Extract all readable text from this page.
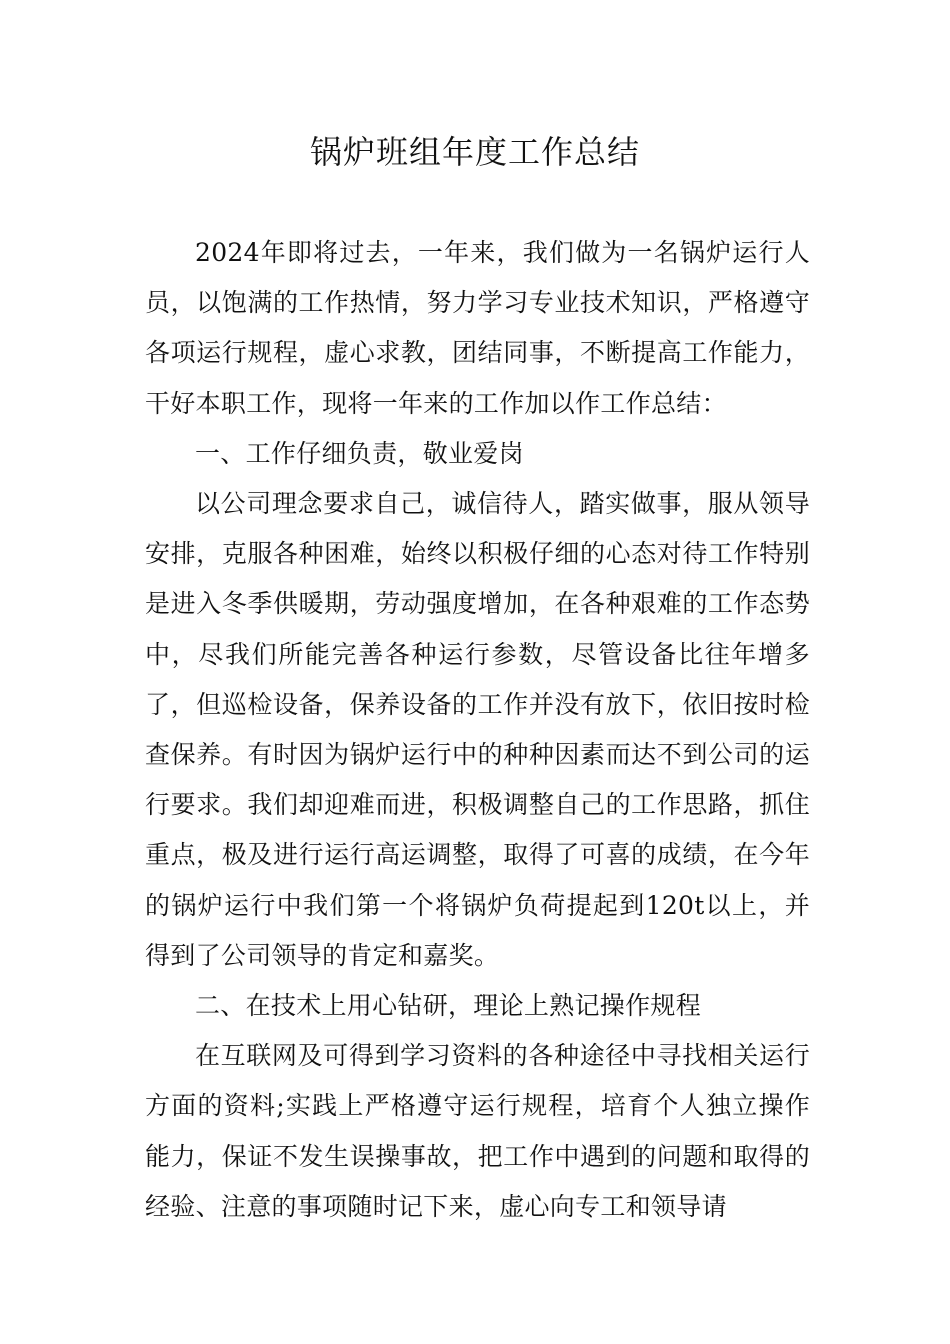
锅炉班组年度工作总结

2024年即将过去，一年来，我们做为一名锅炉运行人员，以饱满的工作热情，努力学习专业技术知识，严格遵守各项运行规程，虚心求教，团结同事，不断提高工作能力，干好本职工作，现将一年来的工作加以作工作总结：

一、工作仔细负责，敬业爱岗

以公司理念要求自己，诚信待人，踏实做事，服从领导安排，克服各种困难，始终以积极仔细的心态对待工作特别是进入冬季供暖期，劳动强度增加，在各种艰难的工作态势中，尽我们所能完善各种运行参数，尽管设备比往年增多了，但巡检设备，保养设备的工作并没有放下，依旧按时检查保养。有时因为锅炉运行中的种种因素而达不到公司的运行要求。我们却迎难而进，积极调整自己的工作思路，抓住重点，极及进行运行高运调整，取得了可喜的成绩，在今年的锅炉运行中我们第一个将锅炉负荷提起到120t以上，并得到了公司领导的肯定和嘉奖。

二、在技术上用心钻研，理论上熟记操作规程

在互联网及可得到学习资料的各种途径中寻找相关运行方面的资料;实践上严格遵守运行规程，培育个人独立操作能力，保证不发生误操事故，把工作中遇到的问题和取得的经验、注意的事项随时记下来，虚心向专工和领导请
